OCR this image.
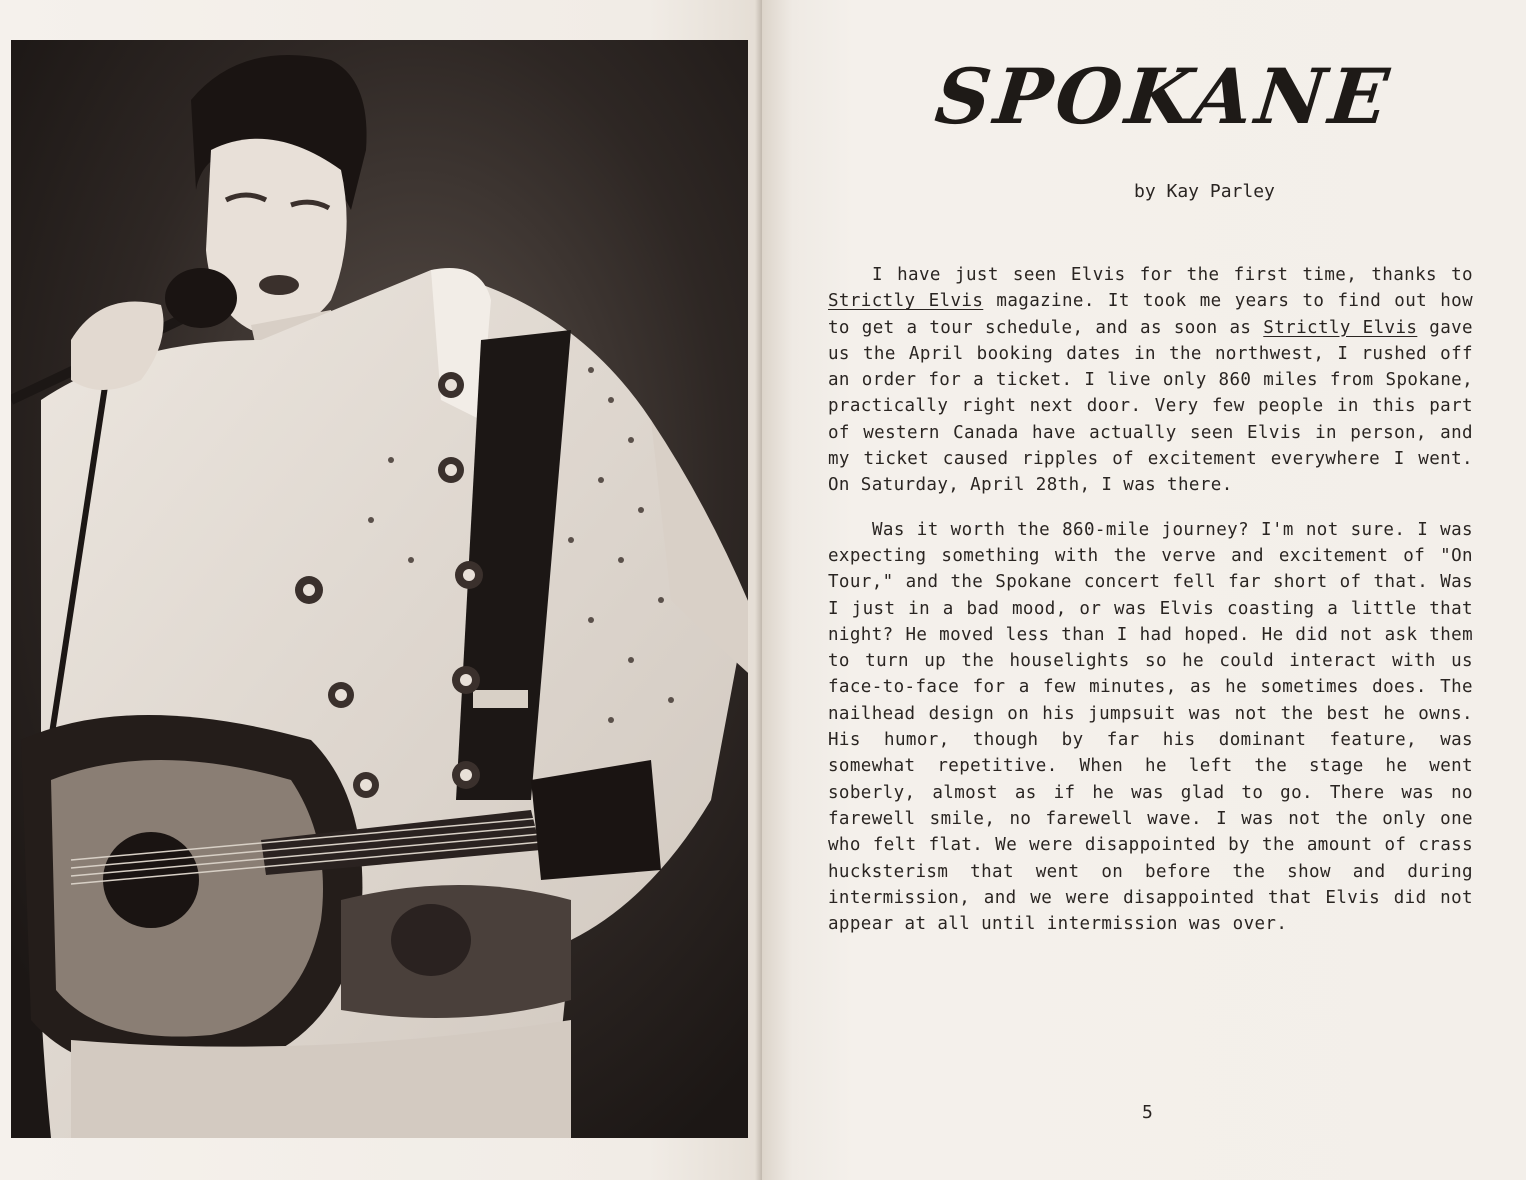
SPOKANE
by Kay Parley

I have just seen Elvis for the first time, thanks to Strictly Elvis magazine. It took me years to find out how to get a tour schedule, and as soon as Strictly Elvis gave us the April booking dates in the northwest, I rushed off an order for a ticket. I live only 860 miles from Spokane, practically right next door. Very few people in this part of western Canada have actually seen Elvis in person, and my ticket caused ripples of excitement everywhere I went. On Saturday, April 28th, I was there.

Was it worth the 860-mile journey? I'm not sure. I was expecting something with the verve and excitement of "On Tour," and the Spokane concert fell far short of that. Was I just in a bad mood, or was Elvis coasting a little that night? He moved less than I had hoped. He did not ask them to turn up the houselights so he could interact with us face-to-face for a few minutes, as he sometimes does. The nailhead design on his jumpsuit was not the best he owns. His humor, though by far his dominant feature, was somewhat repetitive. When he left the stage he went soberly, almost as if he was glad to go. There was no farewell smile, no farewell wave. I was not the only one who felt flat. We were disappointed by the amount of crass hucksterism that went on before the show and during intermission, and we were disappointed that Elvis did not appear at all until intermission was over.

5
